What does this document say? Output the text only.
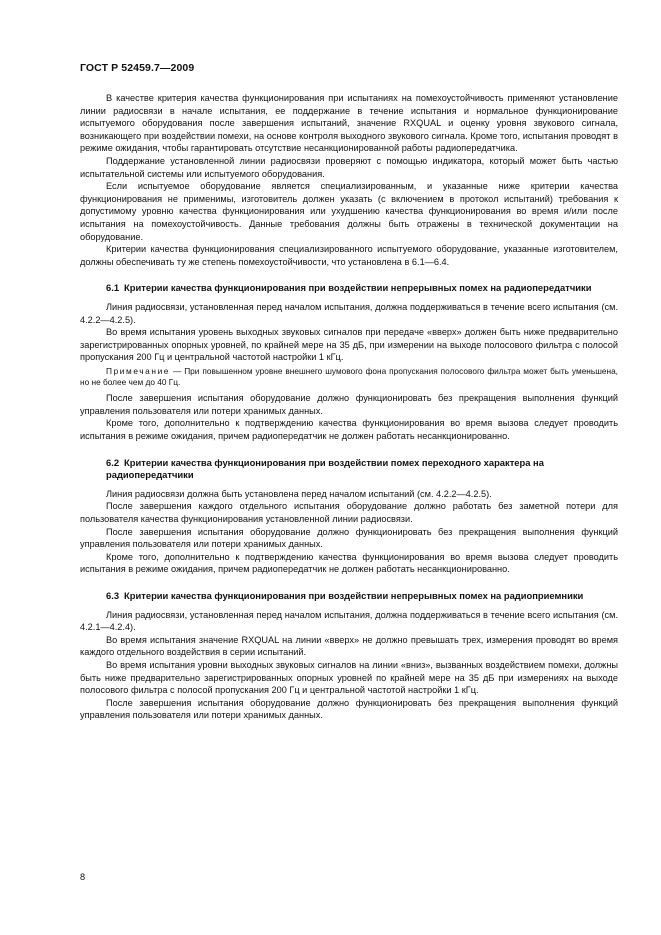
ГОСТ Р 52459.7—2009

В качестве критерия качества функционирования при испытаниях на помехоустойчивость применяют установление линии радиосвязи в начале испытания, ее поддержание в течение испытания и нормальное функционирование испытуемого оборудования после завершения испытаний, значение RXQUAL и оценку уровня звукового сигнала, возникающего при воздействии помехи, на основе контроля выходного звукового сигнала. Кроме того, испытания проводят в режиме ожидания, чтобы гарантировать отсутствие несанкционированной работы радиопередатчика.

Поддержание установленной линии радиосвязи проверяют с помощью индикатора, который может быть частью испытательной системы или испытуемого оборудования.

Если испытуемое оборудование является специализированным, и указанные ниже критерии качества функционирования не применимы, изготовитель должен указать (с включением в протокол испытаний) требования к допустимому уровню качества функционирования или ухудшению качества функционирования во время и/или после испытания на помехоустойчивость. Данные требования должны быть отражены в технической документации на оборудование.

Критерии качества функционирования специализированного испытуемого оборудование, указанные изготовителем, должны обеспечивать ту же степень помехоустойчивости, что установлена в 6.1—6.4.

6.1 Критерии качества функционирования при воздействии непрерывных помех на радиопередатчики

Линия радиосвязи, установленная перед началом испытания, должна поддерживаться в течение всего испытания (см. 4.2.2—4.2.5).

Во время испытания уровень выходных звуковых сигналов при передаче «вверх» должен быть ниже предварительно зарегистрированных опорных уровней, по крайней мере на 35 дБ, при измерении на выходе полосового фильтра с полосой пропускания 200 Гц и центральной частотой настройки 1 кГц.

Примечание — При повышенном уровне внешнего шумового фона пропускания полосового фильтра может быть уменьшена, но не более чем до 40 Гц.

После завершения испытания оборудование должно функционировать без прекращения выполнения функций управления пользователя или потери хранимых данных.

Кроме того, дополнительно к подтверждению качества функционирования во время вызова следует проводить испытания в режиме ожидания, причем радиопередатчик не должен работать несанкционированно.

6.2 Критерии качества функционирования при воздействии помех переходного характера на радиопередатчики

Линия радиосвязи должна быть установлена перед началом испытаний (см. 4.2.2—4.2.5).

После завершения каждого отдельного испытания оборудование должно работать без заметной потери для пользователя качества функционирования установленной линии радиосвязи.

После завершения испытания оборудование должно функционировать без прекращения выполнения функций управления пользователя или потери хранимых данных.

Кроме того, дополнительно к подтверждению качества функционирования во время вызова следует проводить испытания в режиме ожидания, причем радиопередатчик не должен работать несанкционированно.

6.3 Критерии качества функционирования при воздействии непрерывных помех на радиоприемники

Линия радиосвязи, установленная перед началом испытания, должна поддерживаться в течение всего испытания (см. 4.2.1—4.2.4).

Во время испытания значение RXQUAL на линии «вверх» не должно превышать трех, измерения проводят во время каждого отдельного воздействия в серии испытаний.

Во время испытания уровни выходных звуковых сигналов на линии «вниз», вызванных воздействием помехи, должны быть ниже предварительно зарегистрированных опорных уровней по крайней мере на 35 дБ при измерениях на выходе полосового фильтра с полосой пропускания 200 Гц и центральной частотой настройки 1 кГц.

После завершения испытания оборудование должно функционировать без прекращения выполнения функций управления пользователя или потери хранимых данных.

8
